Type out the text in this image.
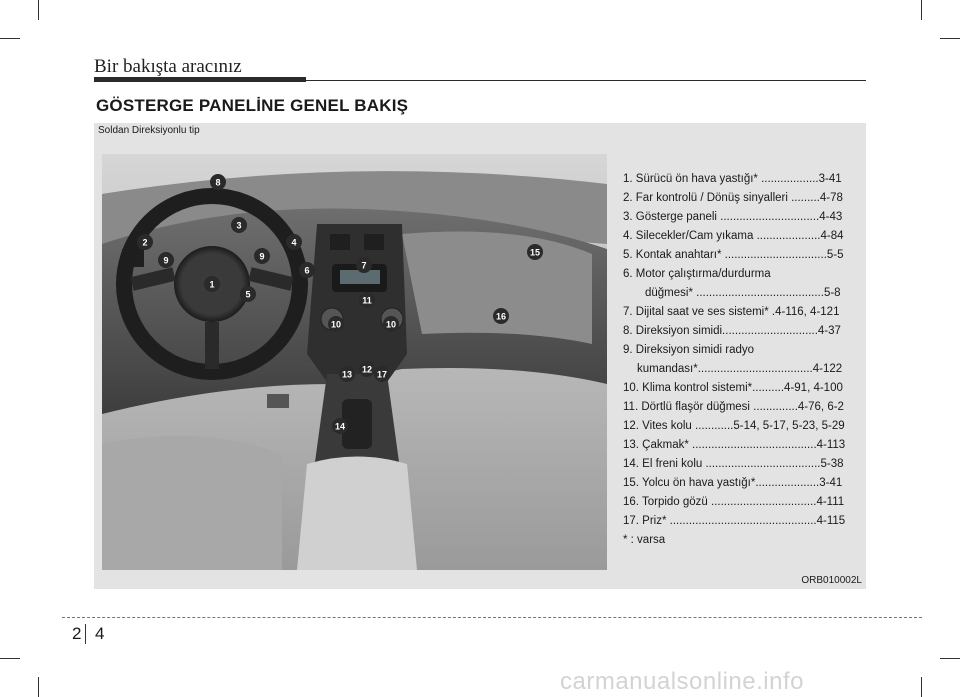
Bir bakışta aracınız
GÖSTERGE PANELİNE GENEL BAKIŞ
Soldan Direksiyonlu tip
8
3
2	4
9	9
6	7
1
5
11
10	10
16
15
12
13	17
14
ORB010002L
1. Sürücü ön hava yastığı* ..................3-41
2. Far kontrolü / Dönüş sinyalleri .........4-78
3. Gösterge paneli ...............................4-43
4. Silecekler/Cam yıkama ....................4-84
5. Kontak anahtarı* ................................5-5
6. Motor çalıştırma/durdurma
düğmesi* ........................................5-8
7. Dijital saat ve ses sistemi* .4-116, 4-121
8. Direksiyon simidi..............................4-37
9. Direksiyon simidi radyo
kumandası*....................................4-122
10. Klima kontrol sistemi*..........4-91, 4-100
11. Dörtlü flaşör düğmesi ..............4-76, 6-2
12. Vites kolu ............5-14, 5-17, 5-23, 5-29
13. Çakmak* .......................................4-113
14. El freni kolu ....................................5-38
15. Yolcu ön hava yastığı*....................3-41
16. Torpido gözü .................................4-111
17. Priz* ..............................................4-115
* : varsa
2 4
carmanualsonline.info
